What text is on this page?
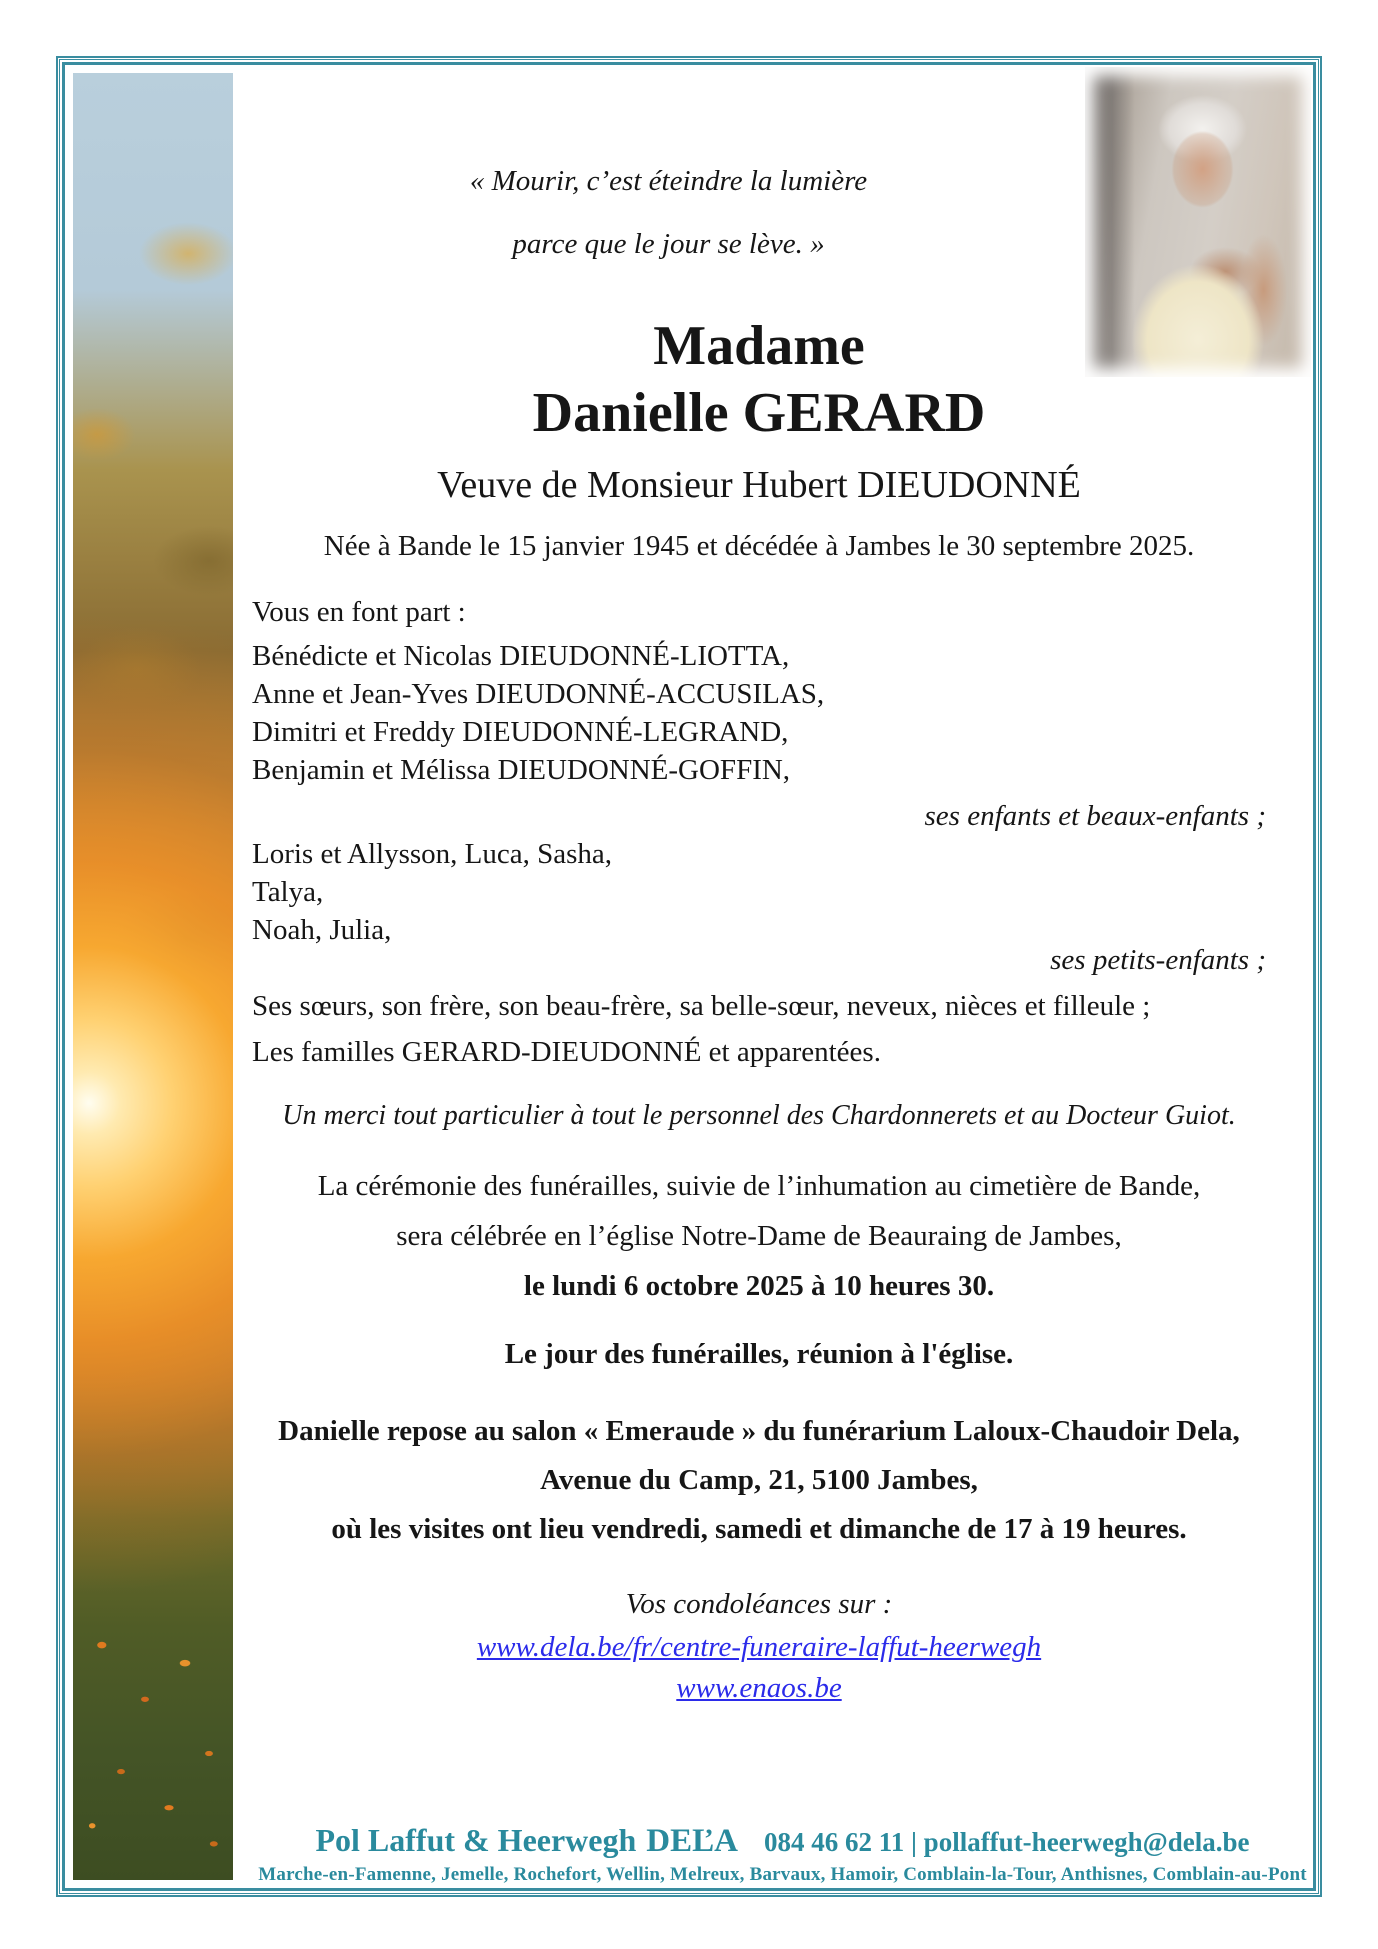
« Mourir, c’est éteindre la lumière
parce que le jour se lève. »
Madame
Danielle GERARD
Veuve de Monsieur Hubert DIEUDONNÉ
Née à Bande le 15 janvier 1945 et décédée à Jambes le 30 septembre 2025.
Vous en font part :
Bénédicte et Nicolas DIEUDONNÉ-LIOTTA,
Anne et Jean-Yves DIEUDONNÉ-ACCUSILAS,
Dimitri et Freddy DIEUDONNÉ-LEGRAND,
Benjamin et Mélissa DIEUDONNÉ-GOFFIN,
ses enfants et beaux-enfants ;
Loris et Allysson, Luca, Sasha,
Talya,
Noah, Julia,
ses petits-enfants ;
Ses sœurs, son frère, son beau-frère, sa belle-sœur, neveux, nièces et filleule ;
Les familles GERARD-DIEUDONNÉ et apparentées.
Un merci tout particulier à tout le personnel des Chardonnerets et au Docteur Guiot.
La cérémonie des funérailles, suivie de l’inhumation au cimetière de Bande,
sera célébrée en l’église Notre-Dame de Beauraing de Jambes,
le lundi 6 octobre 2025 à 10 heures 30.
Le jour des funérailles, réunion à l'église.
Danielle repose au salon « Emeraude » du funérarium Laloux-Chaudoir Dela,
Avenue du Camp, 21, 5100 Jambes,
où les visites ont lieu vendredi, samedi et dimanche de 17 à 19 heures.
Vos condoléances sur :
www.dela.be/fr/centre-funeraire-laffut-heerwegh
www.enaos.be
Pol Laffut & Heerwegh DEĽA 084 46 62 11 | pollaffut-heerwegh@dela.be
Marche-en-Famenne, Jemelle, Rochefort, Wellin, Melreux, Barvaux, Hamoir, Comblain-la-Tour, Anthisnes, Comblain-au-Pont
